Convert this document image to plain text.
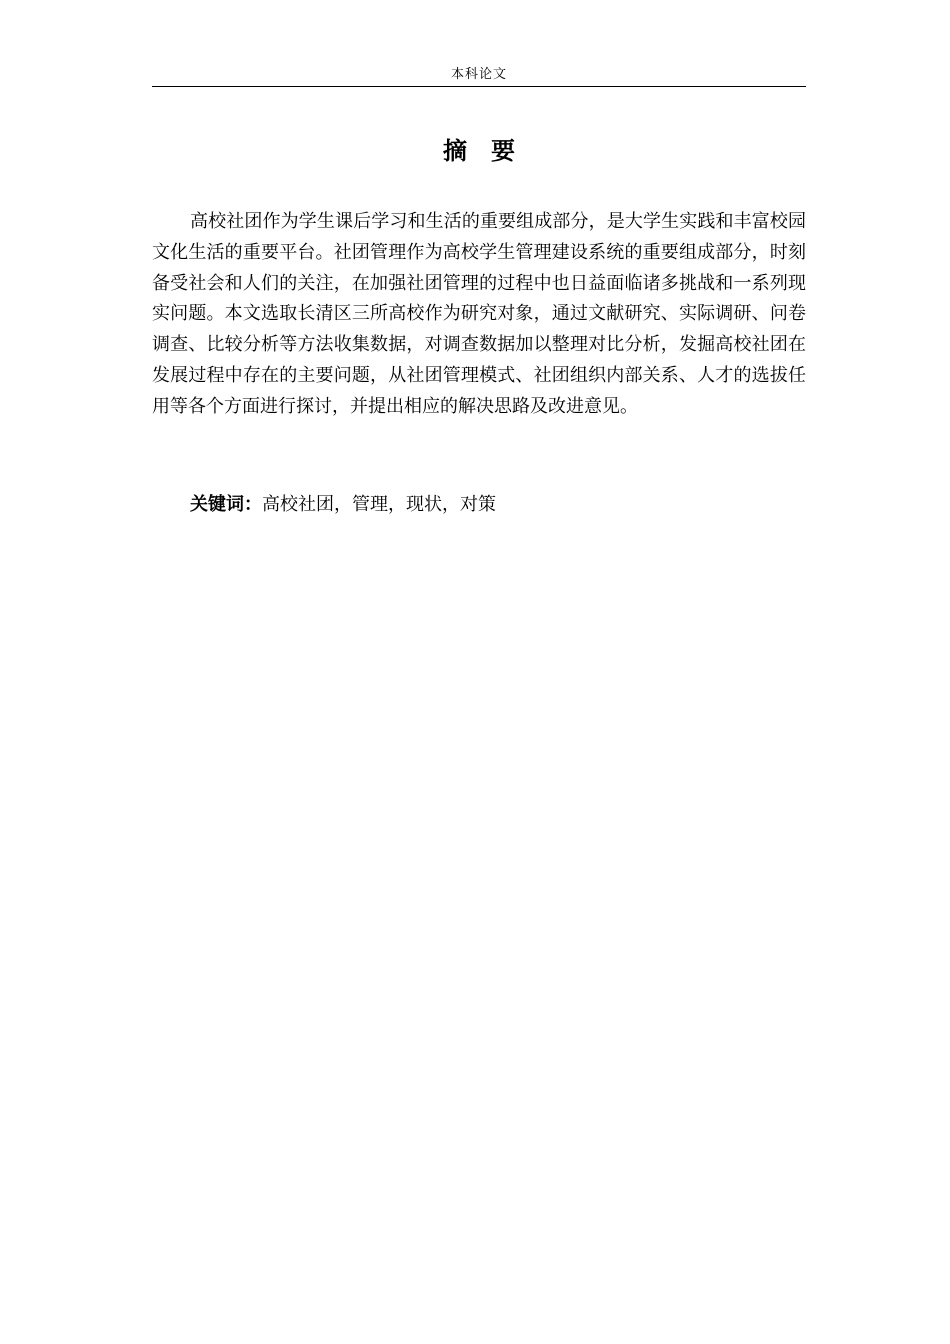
本科论文
摘　要

高校社团作为学生课后学习和生活的重要组成部分，是大学生实践和丰富校园文化生活的重要平台。社团管理作为高校学生管理建设系统的重要组成部分，时刻备受社会和人们的关注，在加强社团管理的过程中也日益面临诸多挑战和一系列现实问题。本文选取长清区三所高校作为研究对象，通过文献研究、实际调研、问卷调查、比较分析等方法收集数据，对调查数据加以整理对比分析，发掘高校社团在发展过程中存在的主要问题，从社团管理模式、社团组织内部关系、人才的选拔任用等各个方面进行探讨，并提出相应的解决思路及改进意见。

关键词：高校社团，管理，现状，对策
